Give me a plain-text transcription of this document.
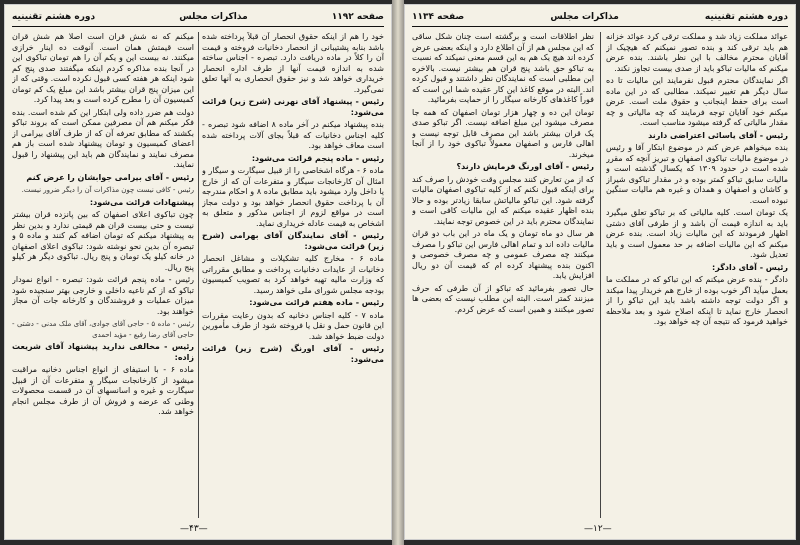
صفحه ۱۱۹۲
مذاکرات مجلس
دوره هشتم تقنینیه

خود را هم از اینکه حقوق انحصار آن قبلاً پرداخته شده باشد بنابه پشتیبانی از انحصار دخانیات فروخته و قیمت آن را کلاً در ماده دریافت دارد. تبصره - اجناس ساخته شده به اندازه قیمت آنها از طرف اداره انحصار خریداری خواهد شد و نیز حقوق انحصاری به آنها تعلق نمی‌گیرد.

رئیس - پیشنهاد آقای نهرنی (شرح زیر) قرائت می‌شود:

بنده پیشنهاد میکنم در آخر ماده ۸ اضافه شود تبصره - کلیه اجناس دخانیات که قبلاً بجای آلات پرداخته شده است معاف خواهد بود.

رئیس - ماده پنجم قرائت می‌شود:

ماده ۶ - هرگاه اشخاصی را از قبیل سیگارت و سیگار و امثال آن کارخانجات سیگار و متفرعات آن که از خارج یا داخل وارد میشود باید مطابق ماده ۸ و احکام مندرجه آن با پرداخت حقوق انحصار خواهد بود و دولت مجاز است در مواقع لزوم از اجناس مذکور و متعلق به اشخاص به قیمت عادله خریداری نماید.

رئیس - آقای نمایندگان آقای بهرامی (شرح زیر) قرائت می‌شود:

ماده ۶ - مخارج کلیه تشکیلات و مشاغل انحصار دخانیات از عایدات دخانیات پرداخت و مطابق مقرراتی که وزارت مالیه تهیه خواهد کرد به تصویب کمیسیون بودجه مجلس شورای ملی خواهد رسید.

رئیس - ماده هفتم قرائت می‌شود:

ماده ۷ - کلیه اجناس دخانیه که بدون رعایت مقررات این قانون حمل و نقل یا فروخته شود از طرف مأمورین دولت ضبط خواهد شد.

رئیس - آقای اورنگ (شرح زیر) قرائت می‌شود:

میکنم که نه شش قران است اصلا هم شش قران است قیمتش همان است. آنوقت ده اینار خرازی میکنند. نه بیست این و یکم آن را هم تومان تباکوی این در آنجا بنده مذاکره کردم اینکه میگفتند صدی پنج کم شود اینکه هر هفته کسی قبول نکرده است. وقتی که از این میزان پنج قران بیشتر باشد این مبلغ یک کم تومان کمیسیون آن را مطرح کرده است و بعد پیدا کرد.

دولت هم ضرر داده ولی ابتکار این کم شده است. بنده فکر میکنم هم آن مصرفین ممکن است که بروند تباکو بکشند که مطابق تعرفه آن که از طرف آقای بیرامی از اعضای کمیسیون و تومان پیشنهاد شده است باز هم مصرف نمایند و نمایندگان هم باید این پیشنهاد را قبول نمایند.

رئیس - آقای بیرامی جوابشان را عرض کنم

رئیس - کافی نیست چون مذاکرات آن را دیگر ضرور نیست.

پیشنهادات قرائت می‌شود:

چون تباکوی اعلای اصفهان که بین پانزده قران بیشتر نیست و حتی بیست قران هم قیمتی ندارد و بدین نظر به پیشنهاد میکنم که تومان اضافه کم کنند و ماده ۵ و تبصره آن بدین نحو نوشته شود: تباکوی اعلای اصفهان در خانه کیلو یک تومان و پنج ریال. تباکوی دیگر هر کیلو پنج ریال.

رئیس - ماده پنجم قرائت شود: تبصره - انواع نمودار تباکو که از کم ناعیه داخلی و خارجی بهتر سنجیده شود میزان عملیات و فروشندگان و کارخانه جات آن مجاز خواهند بود.

رئیس - ماده ۵ - حاجی آقای جوادی، آقای ملک مدنی - دشتی - حاجی آقای رضا رفیع - مؤید احمدی

رئیس - مخالفی ندارید پیشنهاد آقای شریعت زاده:

ماده ۶ - با استیفای از انواع اجناس دخانیه مراقبت میشود از کارخانجات سیگار و متفرعات آن از قبیل سیگارت و غیره و اسانسهای آن در قسمت محصولات وطنی که عرضه و فروش آن از طرف مجلس انجام خواهد شد.

—۴۳—
دوره هشتم تقنینیه
مذاکرات مجلس
صفحه ۱۱۳۴

نظر اطلاقات است و برگشته است چنان شکل ساقی که این مجلس هم از آن اطلاع دارد و اینکه بعضی عرض کرده اند هیچ یک هم به این قسم معنی نمیکند که نسبت به تباکو حق باشد پنج قران هم بیشتر نیست. بالاخره این مطلبی است که نمایندگان نظر داشتند و قبول کرده اند. البته در موقع کاغذ این کار عقیده شما این است که فوراً کاغذهای کارخانه سیگار را از حمایت بفرمائید.

تومان این ده و چهار هزار تومان اصفهان که همه جا مصرف میشود این مبلغ اضافه نیست. اگر تباکو صدی یک قران بیشتر باشد این مصرف قابل توجه نیست و اهالی فارس و اصفهان معمولاً تباکوی خود را از آنجا میخرند.

رئیس - آقای اورنگ فرمایش دارند؟

که از من تعارض کنند مجلس وقت خودش را صرف کند برای اینکه قبول نکنم که از کلیه تباکوی اصفهان مالیات گرفته شود. این تباکو مالیاتش سابقا زیادتر بوده و حالا بنده اظهار عقیده میکنم که این مالیات کافی است و نمایندگان محترم باید در این خصوص توجه نمایند.

هر سال دو ماه تومان و یک ماه در این باب دو قران مالیات داده اند و تمام اهالی فارس این تباکو را مصرف میکنند چه مصرف عمومی و چه مصرف خصوصی و اکنون بنده پیشنهاد کرده ام که قیمت آن دو ریال افزایش یابد.

حال تصور بفرمائید که تباکو از آن طرفی که حرف میزنند کمتر است. البته این مطلب نیست که بعضی ها تصور میکنند و همین است که عرض کردم.

عوائد مملکت زیاد شد و مملکت ترقی کرد عوائد خزانه هم باید ترقی کند و بنده تصور نمیکنم که هیچیک از آقایان محترم مخالف با این نظر باشند. بنده عرض میکنم که مالیات تباکو باید از صدی بیست تجاوز نکند.

اگر نمایندگان محترم قبول نفرمایند این مالیات تا ده سال دیگر هم تغییر نمیکند. مطالبی که در این ماده است برای حفظ اینجانب و حقوق ملت است. عرض میکنم خود آقایان توجه فرمایند که چه مالیاتی و چه مقدار مالیاتی که گرفته میشود مناسب است.

رئیس - آقای یاسائی اعتراضی دارند

بنده میخواهم عرض کنم در موضوع ابتکار آقا و رئیس در موضوع مالیات تباکوی اصفهان و تبریز آنچه که مقرر شده است در حدود ۱۳۰۹ که یکسال گذشته است و مالیات سابق تباکو کمتر بوده و در مقدار تباکوی شیراز و کاشان و اصفهان و همدان و غیره هم مالیات سنگین نبوده است.

یک تومان است. کلیه مالیاتی که بر تباکو تعلق میگیرد باید به اندازه قیمت آن باشد و از طرفی آقای دشتی اظهار فرمودند که این مالیات زیاد است. بنده عرض میکنم که این مالیات اضافه بر حد معمول است و باید تعدیل شود.

رئیس - آقای دادگر:

دادگر - بنده عرض میکنم که این تباکو که در مملکت ما بعمل میآید اگر خوب بوده از خارج هم خریدار پیدا میکند و اگر دولت توجه داشته باشد باید این تباکو را از انحصار خارج نماید تا اینکه اصلاح شود و بعد ملاحظه خواهید فرمود که نتیجه آن چه خواهد بود.

—۱۲—
